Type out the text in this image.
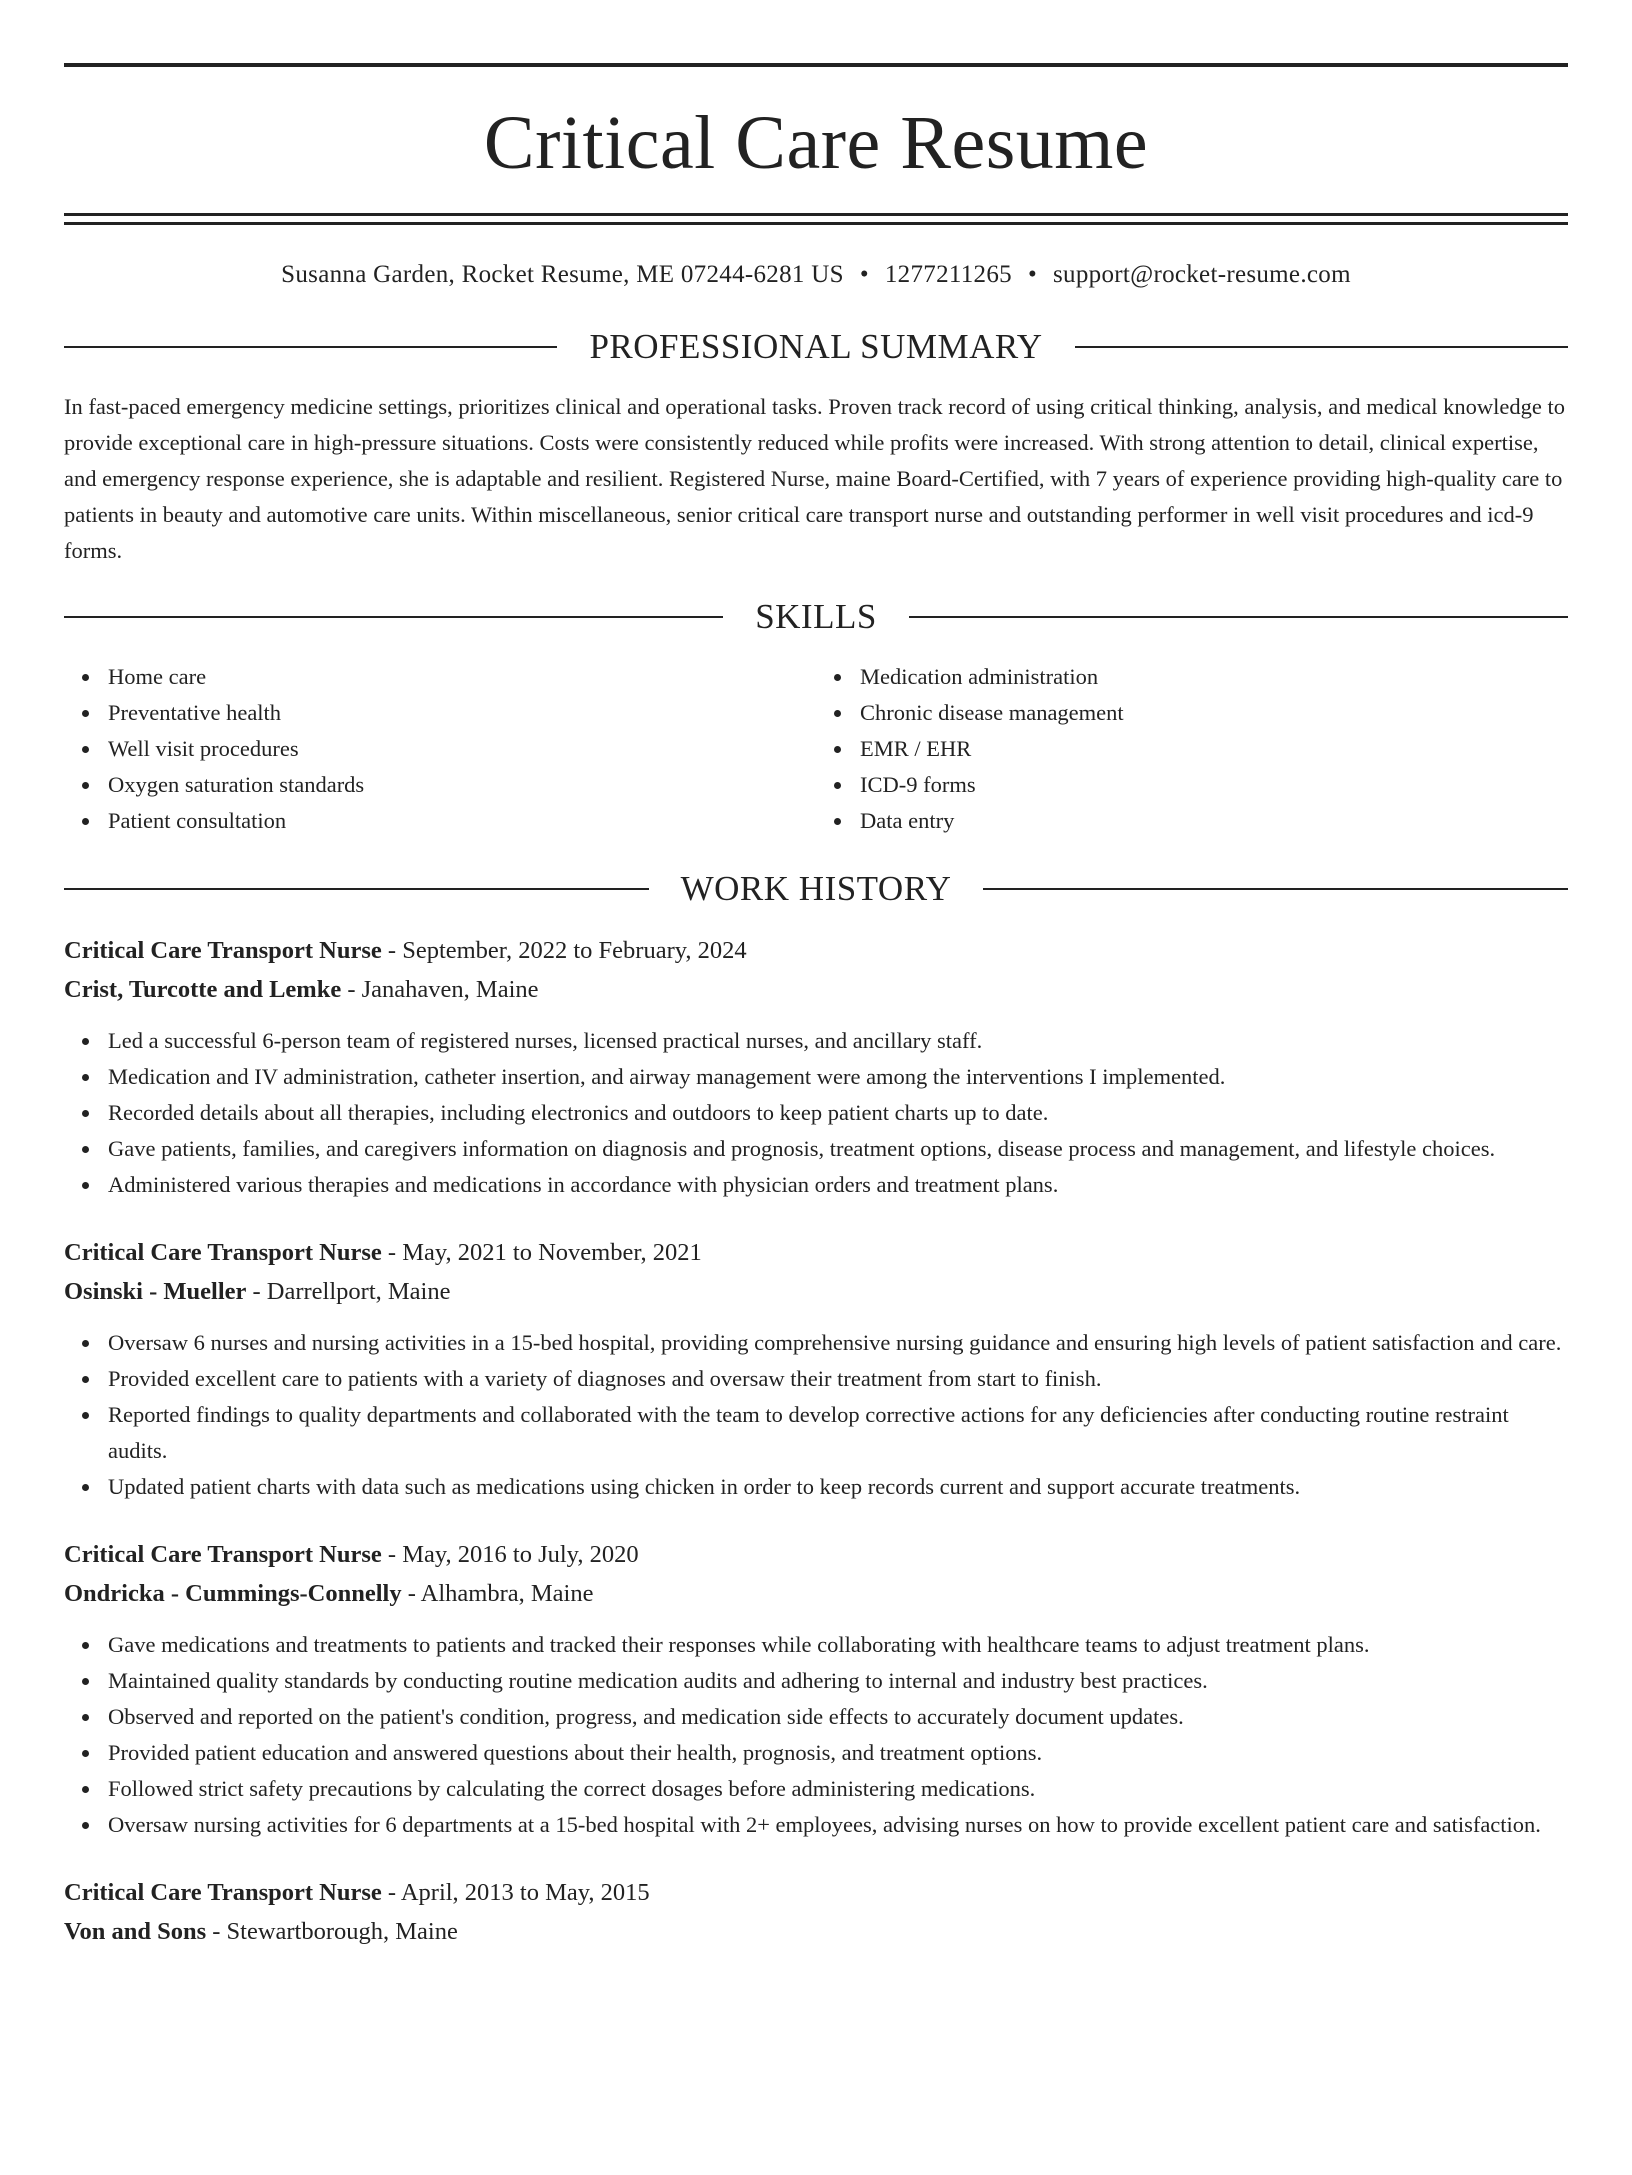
Critical Care Resume
Susanna Garden, Rocket Resume, ME 07244-6281 US • 1277211265 • support@rocket-resume.com
PROFESSIONAL SUMMARY
In fast-paced emergency medicine settings, prioritizes clinical and operational tasks. Proven track record of using critical thinking, analysis, and medical knowledge to provide exceptional care in high-pressure situations. Costs were consistently reduced while profits were increased. With strong attention to detail, clinical expertise, and emergency response experience, she is adaptable and resilient. Registered Nurse, maine Board-Certified, with 7 years of experience providing high-quality care to patients in beauty and automotive care units. Within miscellaneous, senior critical care transport nurse and outstanding performer in well visit procedures and icd-9 forms.
SKILLS
Home care
Preventative health
Well visit procedures
Oxygen saturation standards
Patient consultation
Medication administration
Chronic disease management
EMR / EHR
ICD-9 forms
Data entry
WORK HISTORY
Critical Care Transport Nurse - September, 2022 to February, 2024
Crist, Turcotte and Lemke - Janahaven, Maine
Led a successful 6-person team of registered nurses, licensed practical nurses, and ancillary staff.
Medication and IV administration, catheter insertion, and airway management were among the interventions I implemented.
Recorded details about all therapies, including electronics and outdoors to keep patient charts up to date.
Gave patients, families, and caregivers information on diagnosis and prognosis, treatment options, disease process and management, and lifestyle choices.
Administered various therapies and medications in accordance with physician orders and treatment plans.
Critical Care Transport Nurse - May, 2021 to November, 2021
Osinski - Mueller - Darrellport, Maine
Oversaw 6 nurses and nursing activities in a 15-bed hospital, providing comprehensive nursing guidance and ensuring high levels of patient satisfaction and care.
Provided excellent care to patients with a variety of diagnoses and oversaw their treatment from start to finish.
Reported findings to quality departments and collaborated with the team to develop corrective actions for any deficiencies after conducting routine restraint audits.
Updated patient charts with data such as medications using chicken in order to keep records current and support accurate treatments.
Critical Care Transport Nurse - May, 2016 to July, 2020
Ondricka - Cummings-Connelly - Alhambra, Maine
Gave medications and treatments to patients and tracked their responses while collaborating with healthcare teams to adjust treatment plans.
Maintained quality standards by conducting routine medication audits and adhering to internal and industry best practices.
Observed and reported on the patient's condition, progress, and medication side effects to accurately document updates.
Provided patient education and answered questions about their health, prognosis, and treatment options.
Followed strict safety precautions by calculating the correct dosages before administering medications.
Oversaw nursing activities for 6 departments at a 15-bed hospital with 2+ employees, advising nurses on how to provide excellent patient care and satisfaction.
Critical Care Transport Nurse - April, 2013 to May, 2015
Von and Sons - Stewartborough, Maine
